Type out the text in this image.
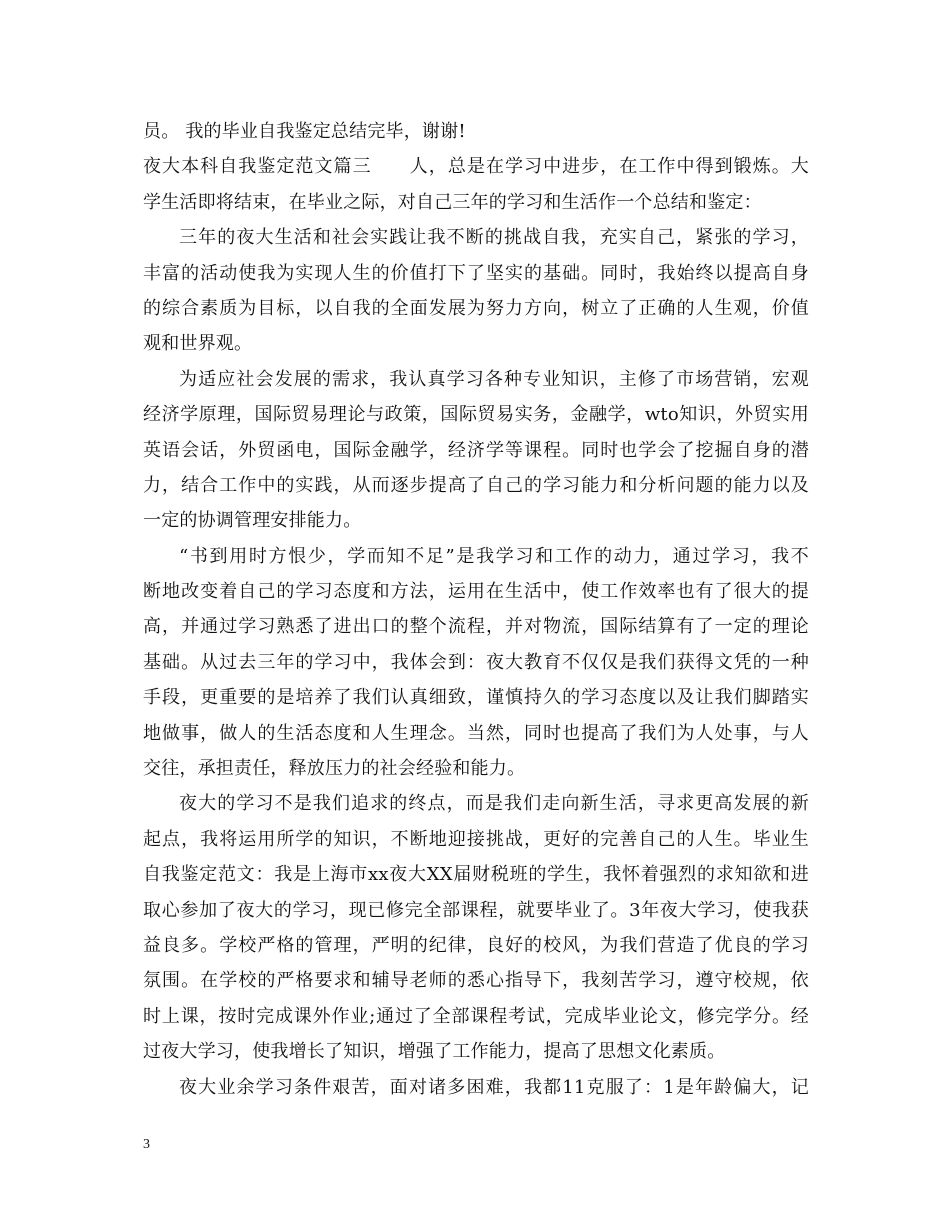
员。 我的毕业自我鉴定总结完毕，谢谢!
夜大本科自我鉴定范文篇三　　人，总是在学习中进步，在工作中得到锻炼。大
学生活即将结束，在毕业之际，对自己三年的学习和生活作一个总结和鉴定：
三年的夜大生活和社会实践让我不断的挑战自我，充实自己，紧张的学习，
丰富的活动使我为实现人生的价值打下了坚实的基础。同时，我始终以提高自身
的综合素质为目标，以自我的全面发展为努力方向，树立了正确的人生观，价值
观和世界观。
为适应社会发展的需求，我认真学习各种专业知识，主修了市场营销，宏观
经济学原理，国际贸易理论与政策，国际贸易实务，金融学，wto知识，外贸实用
英语会话，外贸函电，国际金融学，经济学等课程。同时也学会了挖掘自身的潜
力，结合工作中的实践，从而逐步提高了自己的学习能力和分析问题的能力以及
一定的协调管理安排能力。
“书到用时方恨少，学而知不足”是我学习和工作的动力，通过学习，我不
断地改变着自己的学习态度和方法，运用在生活中，使工作效率也有了很大的提
高，并通过学习熟悉了进出口的整个流程，并对物流，国际结算有了一定的理论
基础。从过去三年的学习中，我体会到：夜大教育不仅仅是我们获得文凭的一种
手段，更重要的是培养了我们认真细致，谨慎持久的学习态度以及让我们脚踏实
地做事，做人的生活态度和人生理念。当然，同时也提高了我们为人处事，与人
交往，承担责任，释放压力的社会经验和能力。
夜大的学习不是我们追求的终点，而是我们走向新生活，寻求更高发展的新
起点，我将运用所学的知识，不断地迎接挑战，更好的完善自己的人生。毕业生
自我鉴定范文：我是上海市xx夜大XX届财税班的学生，我怀着强烈的求知欲和进
取心参加了夜大的学习，现已修完全部课程，就要毕业了。3年夜大学习，使我获
益良多。学校严格的管理，严明的纪律，良好的校风，为我们营造了优良的学习
氛围。在学校的严格要求和辅导老师的悉心指导下，我刻苦学习，遵守校规，依
时上课，按时完成课外作业;通过了全部课程考试，完成毕业论文，修完学分。经
过夜大学习，使我增长了知识，增强了工作能力，提高了思想文化素质。
夜大业余学习条件艰苦，面对诸多困难，我都11克服了：1是年龄偏大，记
3
